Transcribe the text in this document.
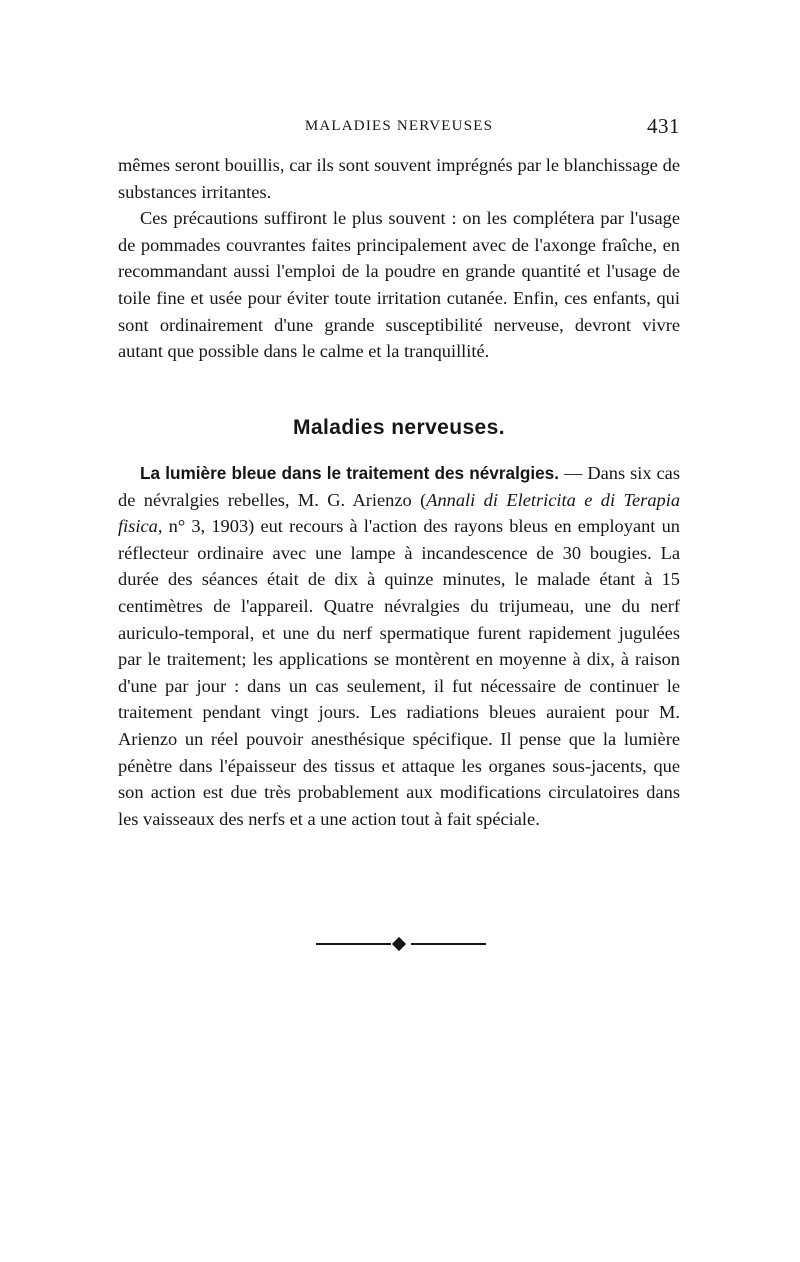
MALADIES NERVEUSES	431

mêmes seront bouillis, car ils sont souvent imprégnés par le blanchissage de substances irritantes.

Ces précautions suffiront le plus souvent : on les complétera par l'usage de pommades couvrantes faites principalement avec de l'axonge fraîche, en recommandant aussi l'emploi de la poudre en grande quantité et l'usage de toile fine et usée pour éviter toute irritation cutanée. Enfin, ces enfants, qui sont ordinairement d'une grande susceptibilité nerveuse, devront vivre autant que possible dans le calme et la tranquillité.

Maladies nerveuses.

La lumière bleue dans le traitement des névralgies. — Dans six cas de névralgies rebelles, M. G. Arienzo (Annali di Eletricita e di Terapia fisica, n° 3, 1903) eut recours à l'action des rayons bleus en employant un réflecteur ordinaire avec une lampe à incandescence de 30 bougies. La durée des séances était de dix à quinze minutes, le malade étant à 15 centimètres de l'appareil. Quatre névralgies du trijumeau, une du nerf auriculo-temporal, et une du nerf spermatique furent rapidement jugulées par le traitement; les applications se montèrent en moyenne à dix, à raison d'une par jour : dans un cas seulement, il fut nécessaire de continuer le traitement pendant vingt jours. Les radiations bleues auraient pour M. Arienzo un réel pouvoir anesthésique spécifique. Il pense que la lumière pénètre dans l'épaisseur des tissus et attaque les organes sous-jacents, que son action est due très probablement aux modifications circulatoires dans les vaisseaux des nerfs et a une action tout à fait spéciale.
